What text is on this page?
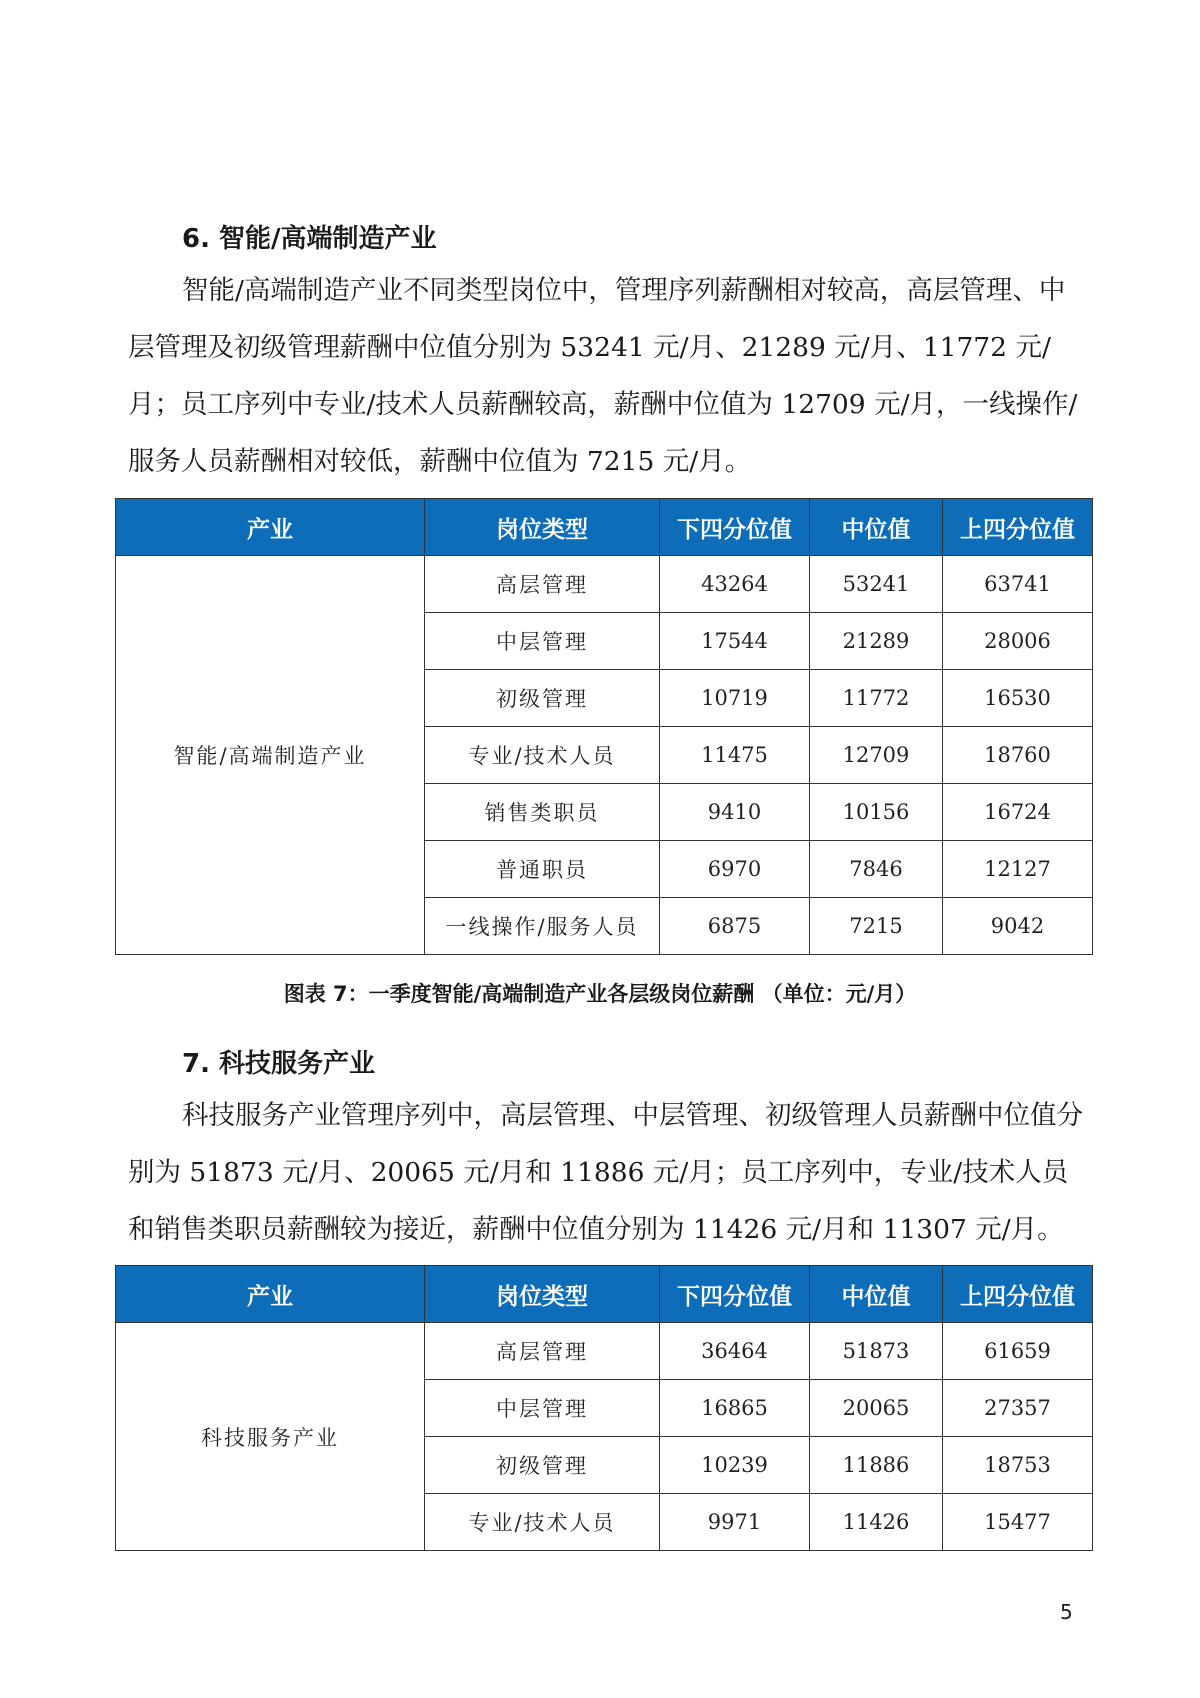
6. 智能/高端制造产业

智能/高端制造产业不同类型岗位中，管理序列薪酬相对较高，高层管理、中层管理及初级管理薪酬中位值分别为 53241 元/月、21289 元/月、11772 元/月；员工序列中专业/技术人员薪酬较高，薪酬中位值为 12709 元/月，一线操作/服务人员薪酬相对较低，薪酬中位值为 7215 元/月。

产业	岗位类型	下四分位值	中位值	上四分位值
智能/高端制造产业	高层管理	43264	53241	63741
	中层管理	17544	21289	28006
	初级管理	10719	11772	16530
	专业/技术人员	11475	12709	18760
	销售类职员	9410	10156	16724
	普通职员	6970	7846	12127
	一线操作/服务人员	6875	7215	9042
图表 7：一季度智能/高端制造产业各层级岗位薪酬 （单位：元/月）
7. 科技服务产业

科技服务产业管理序列中，高层管理、中层管理、初级管理人员薪酬中位值分别为 51873 元/月、20065 元/月和 11886 元/月；员工序列中，专业/技术人员和销售类职员薪酬较为接近，薪酬中位值分别为 11426 元/月和 11307 元/月。

产业	岗位类型	下四分位值	中位值	上四分位值
科技服务产业	高层管理	36464	51873	61659
	中层管理	16865	20065	27357
	初级管理	10239	11886	18753
	专业/技术人员	9971	11426	15477
5
